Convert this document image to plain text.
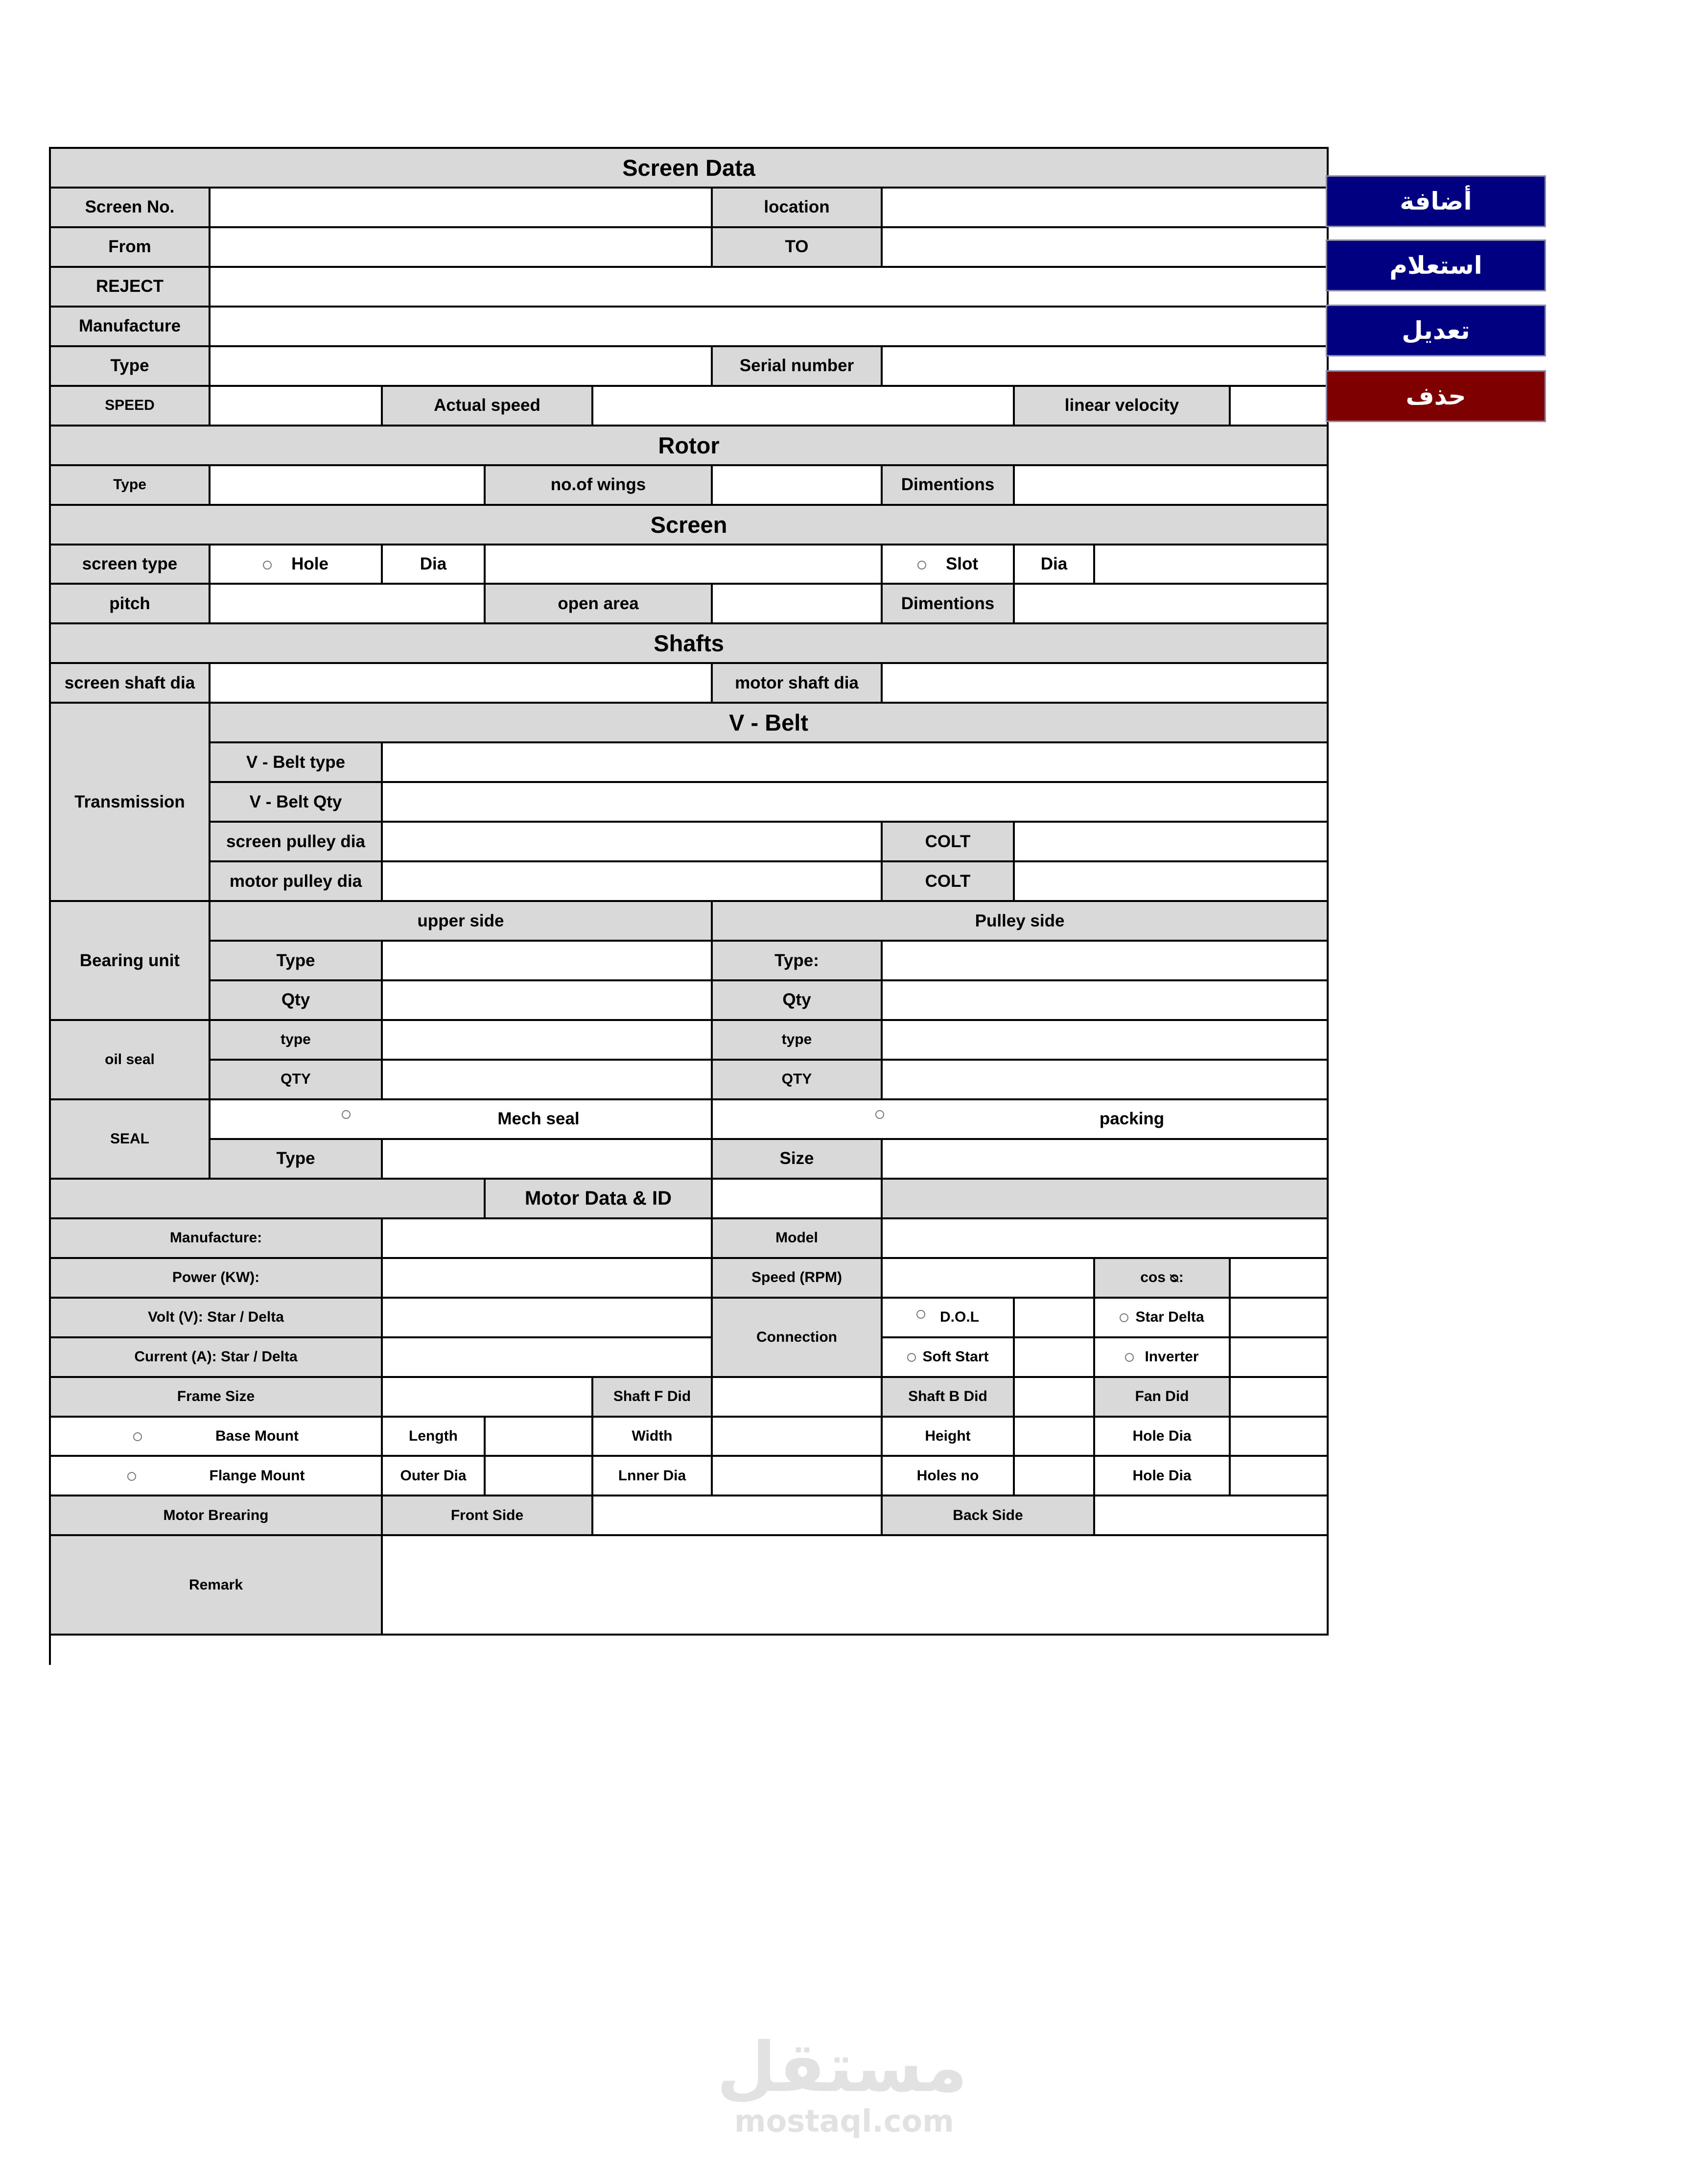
Screen Data									
Screen No.					location				
From					TO				
REJECT									
Manufacture									
Type					Serial number				
SPEED		Actual speed					linear velocity		
Rotor									
Type			no.of wings			Dimentions			
Screen									
screen type	Hole	Dia				Slot	Dia		
pitch			open area			Dimentions			
Shafts									
screen shaft dia					motor shaft dia				
Transmission	V - Belt								
	V - Belt type								
	V - Belt Qty								
	screen pulley dia					COLT			
	motor pulley dia					COLT			
Bearing unit	upper side				Pulley side				
	Type				Type:				
	Qty				Qty				
oil seal	type				type				
	QTY				QTY				
SEAL	Mech seal				packing				
	Type				Size				
			Motor Data & ID						
Manufacture:					Model				
Power (KW):					Speed (RPM)			cos ᴓ:	
Volt (V): Star / Delta					Connection	D.O.L		Star Delta	
Current (A): Star / Delta						Soft Start		Inverter	
Frame Size				Shaft F Did		Shaft B Did		Fan Did	
Base Mount		Length		Width		Height		Hole Dia	
Flange Mount		Outer Dia		Lnner Dia		Holes no		Hole Dia	
Motor Brearing		Front Side				Back Side			
Remark									
أضافة
استعلام
تعديل
حذف
مستقل
mostaql.com
